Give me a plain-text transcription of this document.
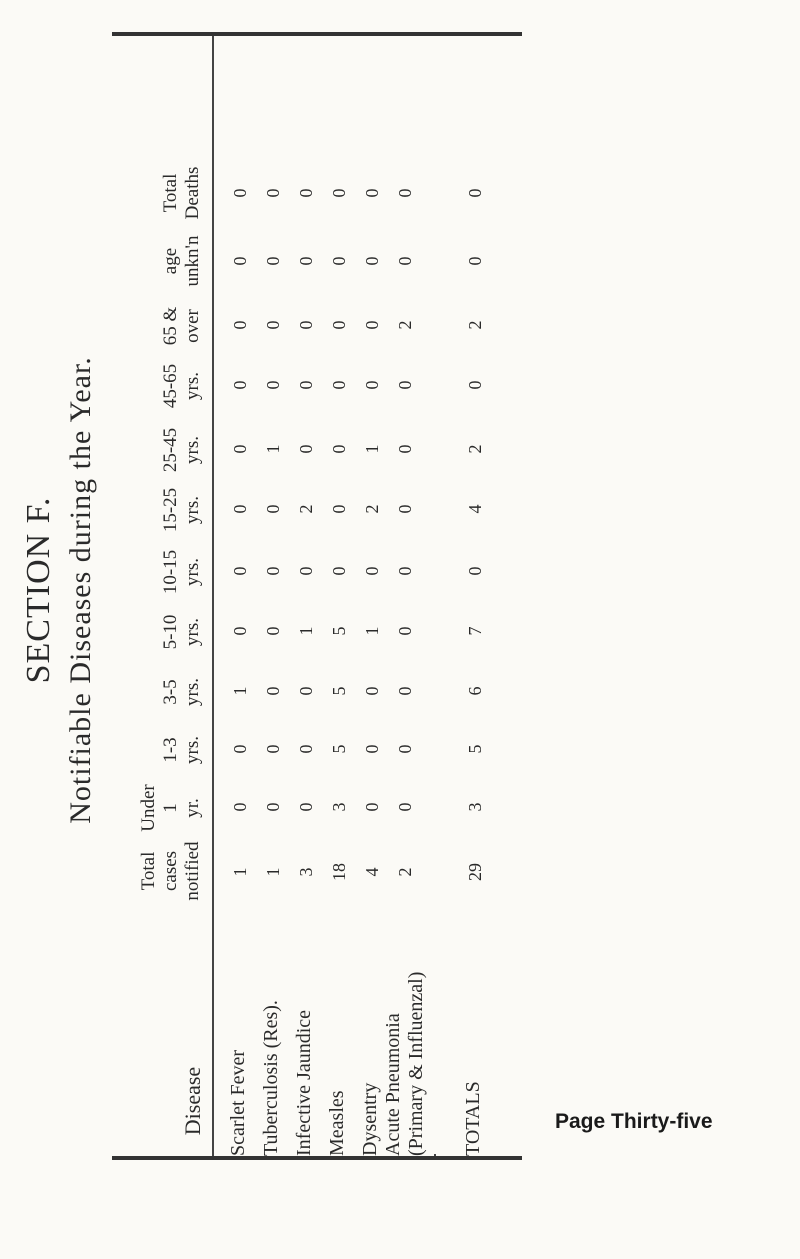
SECTION F. Notifiable Diseases during the Year.
Disease
Total cases notified
Under 1 yr.
1-3 yrs.
3-5 yrs.
5-10 yrs.
10-15 yrs.
15-25 yrs.
25-45 yrs.
45-65 yrs.
65 & over
age unkn'n
Total Deaths
Scarlet Fever
1
0
0
1
0
0
0
0
0
0
0
0
Tuberculosis (Res).
1
0
0
0
0
0
0
1
0
0
0
0
Infective Jaundice
3
0
0
0
1
0
2
0
0
0
0
0
Measles
18
3
5
5
5
0
0
0
0
0
0
0
Dysentry
4
0
0
0
1
0
2
1
0
0
0
0
Acute Pneumonia (Primary & Influenzal)
2
0
0
0
0
0
0
0
0
2
0
0
TOTALS
29
3
5
6
7
0
4
2
0
2
0
0
Page Thirty-five
